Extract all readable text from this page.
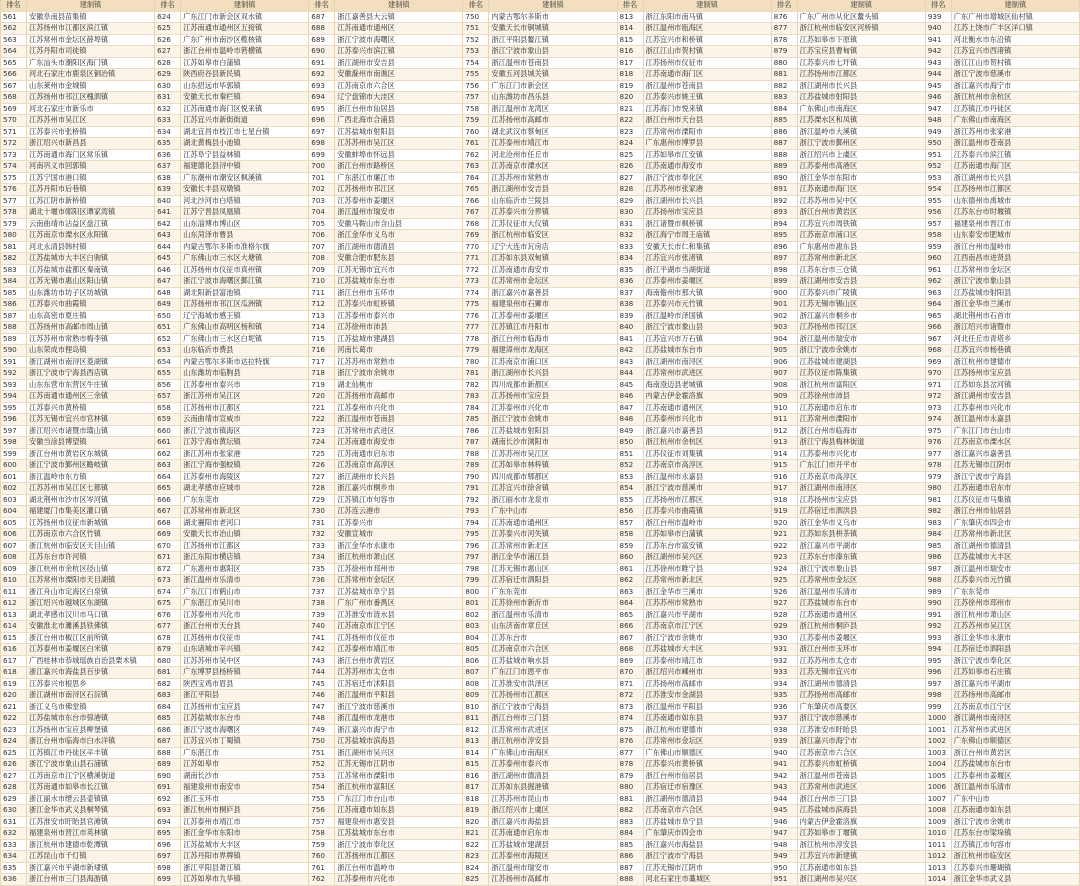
排名	建制镇	排名	建制镇	排名	建制镇	排名	建制镇	排名	建制镇	排名	建制镇	排名	建制镇
561	安徽阜南县苗集镇	624	广东江门市新会区双水镇	687	浙江嘉善县大云镇	750	内蒙古鄂尔多斯市	813	浙江东阳市南马镇	876	广东广州市从化区鳌头镇	939	广东广州市增城区仙村镇
562	江苏扬州市江都区滨江镇	625	江苏南通市通州区五接镇	688	江苏南通市通州区	751	安徽天长市铜城镇	814	浙江温州市瓯海区	877	浙江杭州市临安区河桥镇	940	江苏上饶市广丰区洋口镇
563	江苏常州市金坛区薛埠镇	626	广东广州市南沙区榄核镇	689	浙江宁波市海曙区	752	浙江平阳县鳌江镇	815	江苏宜兴市和桥镇	878	江苏如皋市下原镇	941	河北衡水市东沿镇
564	江苏丹阳市司徒镇	627	浙江台州市温岭市箬横镇	690	江苏泰兴市滨江镇	753	浙江宁波市象山县	816	浙江江山市贺村镇	879	江苏宝应县曹甸镇	942	江苏宜兴市西渚镇
565	广东汕头市潮阳区海门镇	628	江苏如皋市白蒲镇	691	浙江湖州市安吉县	754	浙江温州市苍南县	817	江苏扬州市仪征市	880	江苏泰兴市七圩镇	943	浙江江山市贺村镇
566	河北石家庄市鹿泉区铜冶镇	629	陕西府谷县新民镇	692	安徽滁州市南谯区	755	安徽五河县城关镇	818	江苏南通市海门区	881	江苏扬州市江都区	944	浙江宁波市慈溪市
567	山东莱州市金城镇	630	山东招远市毕郭镇	693	江苏南京市六合区	756	广东江门市新会区	819	浙江温州市苍南县	882	浙江湖州市长兴县	945	浙江嘉兴市海宁市
568	江苏扬州市邗江区槐泗镇	631	安徽天长市秦栏镇	694	辽宁盘锦市大洼区	757	山东潍坊市昌乐县	820	江苏泰兴市姚王镇	883	江苏盐城市射阳县	946	浙江杭州市余杭区
569	河北石家庄市新乐市	632	江苏南通市海门区悦来镇	695	浙江台州市仙居县	758	浙江温州市龙湾区	821	江苏海门市悦来镇	884	广东佛山市南海区	947	江苏镇江市丹徒区
570	江苏苏州市吴江区	633	江苏宜兴市新街街道	696	广西北海市合浦县	759	江苏扬州市高邮市	822	浙江台州市天台县	885	江苏溧水区和凤镇	948	广东佛山市南海区
571	江苏泰兴市张桥镇	634	湖北宜昌市枝江市七星台镇	697	江苏盐城市射阳县	760	湖北武汉市蔡甸区	823	江苏常州市溧阳市	886	浙江温岭市大溪镇	949	浙江苏州市张家港
572	浙江绍兴市新昌县	635	湖北黄梅县小池镇	698	江苏苏州市吴江区	761	江苏泰州市靖江市	824	广东惠州市博罗县	887	浙江宁波市鄞州区	950	浙江温州市苍南县
573	江苏南通市海门区常乐镇	636	江苏阜宁县益林镇	699	安徽蚌埠市怀远县	762	河北沧州市任丘市	825	江苏如皋市江安镇	888	浙江绍兴市上虞区	951	江苏泰兴市滨江镇
574	河南巩义市回郭镇	637	福建德化县浔中镇	700	浙江台州市路桥区	763	江苏南京市溧水区	826	江苏南通市海安市	889	江苏泰州市高港区	952	江苏南通市海门区
575	江苏宁国市港口镇	638	广东潮州市潮安区枫溪镇	701	广东湛江市廉江市	764	江苏苏州市常熟市	827	浙江宁波市奉化区	890	浙江金华市东阳市	953	浙江湖州市长兴县
576	江苏丹阳市后巷镇	639	安徽长丰县双墩镇	702	江苏扬州市邗江区	765	浙江湖州市安吉县	828	江苏苏州市张家港	891	江苏南通市海门区	954	江苏扬州市江都区
577	江苏江阴市新桥镇	640	河北沙河市白塔镇	703	江苏泰州市姜堰区	766	山东临沂市兰陵县	829	浙江湖州市长兴县	892	江苏苏州市吴中区	955	山东德州市禹城市
578	湖北十堰市郧阳区谭家湾镇	641	江苏宁晋县凤凰镇	704	浙江温州市瑞安市	767	江苏泰兴市分界镇	830	江苏扬州市宝应县	893	浙江台州市黄岩区	956	江苏东台市时堰镇
579	云南曲靖市沾益区盘江镇	642	山东淄博市博山区	705	安徽马鞍山市含山县	768	江苏仪征市大仪镇	831	浙江诸暨市枫桥镇	894	江苏宜兴市周铁镇	957	福建泉州市晋江市
580	江苏南京市溧水区永阳镇	643	山东菏泽市曹县	706	浙江金华市义乌市	769	浙江杭州市临安区	832	浙江海宁市周王庙镇	895	江苏南京市浦口区	958	山东泰安市肥城市
581	河北永清县韩村镇	644	内蒙古鄂尔多斯市准格尔旗	707	浙江湖州市德清县	770	辽宁大连市瓦房店	833	安徽天长市仁和集镇	896	广东惠州市惠东县	959	浙江台州市温岭市
582	江苏盐城市大丰区白驹镇	645	广东佛山市三水区大塘镇	708	安徽合肥市肥东县	771	江苏如东县双甸镇	834	江苏宜兴市张渚镇	897	江苏常州市新北区	960	江西南昌市进贤县
583	江苏盐城市盐都区秦南镇	646	江苏扬州市仪征市真州镇	709	江苏无锡市宜兴市	772	江苏南通市海安市	835	浙江平湖市当湖街道	898	江苏东台市三仓镇	961	江苏常州市金坛区
584	江苏无锡市惠山区阳山镇	647	浙江宁波市海曙区鄞江镇	710	江苏盐城市东台市	773	江苏常州市金坛区	836	江苏泰州市姜堰区	899	浙江湖州市安吉县	962	浙江宁波市象山县
585	山东潍坊市坊子区坊城镇	648	湖北阳新县富池镇	711	浙江台州市玉环市	774	浙江嘉兴市嘉善县	837	海南儋州市那大镇	900	江苏泰兴市广陵镇	963	江苏盐城市射阳县
586	江苏泰兴市曲霞镇	649	江苏扬州市邗江区瓜洲镇	712	江苏泰兴市虹桥镇	775	福建泉州市石狮市	838	江苏泰兴市元竹镇	901	江苏无锡市锡山区	964	浙江金华市兰溪市
587	山东高密市夏庄镇	650	辽宁海城市感王镇	713	江苏泰州市泰兴市	776	江苏泰州市姜堰区	839	浙江温岭市泽国镇	902	浙江嘉兴市桐乡市	965	湖北荆州市石首市
588	江苏扬州市高邮市周山镇	651	广东佛山市高明区杨和镇	714	江苏徐州市沛县	777	江苏镇江市丹阳市	840	浙江宁波市象山县	903	江苏扬州市邗江区	966	浙江绍兴市诸暨市
589	江苏苏州市常熟市梅李镇	652	广东佛山市三水区白坭镇	715	江苏盐城市建湖县	778	浙江台州市临海市	841	江苏宜兴市万石镇	904	浙江温州市瑞安市	967	河北任丘市青塔乡
590	山东荣成市俚岛镇	653	山东临沂市费县	716	河南长葛市	779	福建漳州市龙海区	842	江苏盐城市东台市	905	浙江宁波市余姚市	968	江苏宜兴市杨巷镇
591	浙江湖州市南浔区菱湖镇	654	内蒙古鄂尔多斯市达拉特旗	717	江苏苏州市常熟市	780	江苏南京市浦口区	843	浙江湖州市南浔区	906	江苏盐城市建湖县	969	浙江杭州市建德市
592	浙江宁波市宁海县西店镇	655	山东潍坊市临朐县	718	浙江宁波市余姚市	781	浙江湖州市长兴县	844	江苏常州市武进区	907	江苏仪征市陈集镇	970	江苏扬州市宝应县
593	山东东营市东营区牛庄镇	656	江苏泰州市泰兴市	719	湖北仙桃市	782	四川成都市新都区	845	海南澄迈县老城镇	908	浙江杭州市富阳区	971	江苏如东县岔河镇
594	江苏南通市通州区三余镇	657	浙江苏州市吴江区	720	江苏扬州市高邮市	783	江苏扬州市宝应县	846	内蒙古伊金霍洛旗	909	江苏徐州市沛县	972	浙江湖州市安吉县
595	江苏泰兴市黄桥镇	658	江苏扬州市江都区	721	江苏泰州市兴化市	784	江苏泰州市兴化市	847	江苏南通市通州区	910	江苏南通市启东市	973	江苏泰州市兴化市
596	江苏无锡市宜兴市官林镇	659	云南曲靖市宣威市	722	浙江温州市苍南县	785	浙江宁波市余姚市	848	江苏泰州市兴化市	911	江苏常州市溧阳市	974	浙江温州市永嘉县
597	浙江绍兴市诸暨市璜山镇	660	浙江宁波市镇海区	723	江苏常州市武进区	786	江苏盐城市射阳县	849	浙江嘉兴市嘉善县	912	浙江台州市临海市	975	广东江门市台山市
598	安徽当涂县博望镇	661	江苏宁海市黄坛镇	724	江苏南通市海安市	787	湖南长沙市浏阳市	850	浙江杭州市余杭区	913	浙江宁海县梅林街道	976	江苏南京市溧水区
599	浙江台州市黄岩区东城镇	662	浙江苏州市张家港	725	江苏南通市启东市	788	江苏苏州市吴江区	851	江苏仪征市刘集镇	914	江苏泰州市兴化市	977	浙江嘉兴市嘉善县
600	浙江宁波市鄞州区瞻岐镇	663	浙江宁海市强蛟镇	726	江苏南京市高淳区	789	江苏如皋市林梓镇	852	江苏南京市高淳区	915	广东江门市开平市	978	江苏无锡市江阴市
601	浙江温岭市东方镇	664	江苏泰州市海陵区	727	浙江湖州市长兴县	790	四川成都市郫都区	853	浙江温州市永嘉县	916	江苏南京市高淳区	979	浙江宁波市宁海县
602	江苏苏州市吴江区七都镇	665	湖北孝感市应城市	728	浙江嘉兴市桐乡市	791	江苏宜兴市徐舍镇	854	浙江宁波市慈溪市	917	浙江湖州市南浔区	980	江苏南通市启东市
603	湖北荆州市沙市区岑河镇	666	广东东莞市	729	江苏镇江市句容市	792	浙江丽水市龙泉市	855	江苏扬州市江都区	918	江苏扬州市宝应县	981	江苏仪征市马集镇
604	福建厦门市集美区灌口镇	667	江苏常州市新北区	730	江苏连云港市	793	广东中山市	856	江苏泰兴市曲霞镇	919	江苏宿迁市泗洪县	982	浙江台州市仙居县
605	江苏扬州市仪征市新城镇	668	湖北襄阳市老河口	731	江苏泰兴市	794	江苏南通市通州区	857	浙江台州市温岭市	920	浙江金华市义乌市	983	广东肇庆市四会市
606	江苏南京市六合区竹镇	669	安徽天长市冶山镇	732	安徽宣城市	795	江苏泰兴市河失镇	858	江苏如皋市白蒲镇	921	江苏如东县栟茶镇	984	江苏常州市新北区
607	浙江杭州市临安区天目山镇	670	江苏扬州市江都区	733	浙江金华市永康市	796	江苏常州市新北区	859	江苏东台市富安镇	922	浙江嘉兴市平湖市	985	浙江湖州市德清县
608	江苏东台市许河镇	671	浙江东阳市横店镇	734	浙江杭州市萧山区	797	浙江金华市浦江县	860	浙江湖州市吴兴区	923	江苏东台市溱东镇	986	江苏盐城市大丰区
609	浙江杭州市余杭区径山镇	672	广东惠州市惠阳区	735	江苏徐州市邳州市	798	江苏无锡市惠山区	861	江苏徐州市睢宁县	924	浙江宁波市象山县	987	浙江温州市瑞安市
610	江苏常州市溧阳市天目湖镇	673	浙江温州市乐清市	736	江苏常州市金坛区	799	江苏宿迁市泗阳县	862	江苏常州市新北区	925	江苏常州市金坛区	988	江苏泰兴市元竹镇
611	浙江舟山市定海区白泉镇	674	广东江门市鹤山市	737	江苏盐城市阜宁县	800	广东东莞市	863	浙江金华市兰溪市	926	浙江温州市乐清市	989	广东东莞市
612	浙江绍兴市越城区东湖镇	675	广东湛江市吴川市	738	广东广州市番禺区	801	江苏徐州市新沂市	864	江苏苏州市常熟市	927	江苏盐城市东台市	990	江苏徐州市邳州市
613	湖北孝感市汉川市马口镇	676	江苏泰州市兴化市	739	江苏淮安市涟水县	802	浙江温州市乐清市	865	浙江嘉兴市平湖市	928	江苏南通市通州区	991	浙江杭州市萧山区
614	安徽淮北市濉溪县铁佛镇	677	浙江台州市天台县	740	江苏南京市江宁区	803	山东济南市章丘区	866	江苏南京市江宁区	929	浙江杭州市桐庐县	992	江苏苏州市吴江区
615	浙江台州市椒江区前所镇	678	江苏扬州市仪征市	741	江苏扬州市仪征市	804	江苏东台市	867	浙江宁波市余姚市	930	江苏泰州市姜堰区	993	浙江金华市永康市
616	江苏泰州市姜堰区白米镇	679	山东诸城市辛兴镇	742	江苏泰州市靖江市	805	江苏南京市六合区	868	江苏盐城市大丰区	931	浙江台州市玉环市	994	江苏宿迁市泗阳县
617	广西桂林市恭城瑶族自治县栗木镇	680	江苏苏州市吴中区	743	浙江台州市黄岩区	806	江苏盐城市响水县	869	江苏泰州市靖江市	932	江苏苏州市太仓市	995	浙江宁波市奉化区
618	浙江嘉兴市海盐县百步镇	681	广东博罗县杨桥镇	744	江苏苏州市太仓市	807	广东江门市恩平市	870	浙江绍兴市嵊州市	933	江苏无锡市宜兴市	996	江苏如皋市石庄镇
619	江苏泰兴市根思乡	682	陕西宝鸡市眉县	745	江苏宿迁市沭阳县	808	江苏淮安市洪泽区	871	江苏扬州市高邮市	934	浙江湖州市德清县	997	浙江嘉兴市平湖市
620	浙江湖州市南浔区石淙镇	683	浙江平阳县	746	浙江温州市平阳县	809	江苏扬州市江都区	872	江苏淮安市金湖县	935	江苏扬州市高邮市	998	江苏扬州市高邮市
621	浙江义乌市佛堂镇	684	江苏扬州市宝应县	747	浙江宁波市慈溪市	810	浙江宁波市宁海县	873	浙江温州市平阳县	936	广东肇庆市高要区	999	江苏南京市江宁区
622	江苏盐城市东台市弶港镇	685	江苏盐城市东台市	748	浙江温州市龙港市	811	浙江台州市三门县	874	江苏南通市如东县	937	浙江宁波市慈溪市	1000	浙江湖州市南浔区
623	江苏扬州市宝应县柳堡镇	686	浙江宁波市海曙区	749	浙江嘉兴市海宁市	812	江苏常州市武进区	875	浙江杭州市建德市	938	江苏淮安市盱眙县	1001	江苏常州市武进区
624	浙江台州市临海市白水洋镇	687	江苏宜兴市丁蜀镇	750	江苏盐城市滨海县	813	浙江杭州市淳安县	876	江苏常州市金坛区	939	浙江嘉兴市海宁市	1002	广东佛山市顺德区
625	江苏镇江市丹徒区辛丰镇	688	广东湛江市	751	浙江湖州市吴兴区	814	广东佛山市南海区	877	广东佛山市顺德区	940	江苏南京市六合区	1003	浙江台州市黄岩区
626	浙江宁波市象山县石浦镇	689	江苏如皋市	752	江苏无锡市江阴市	815	江苏泰州市泰兴市	878	江苏泰兴市黄桥镇	941	江苏泰兴市虹桥镇	1004	江苏盐城市东台市
627	江苏南京市江宁区横溪街道	690	湖南长沙市	753	江苏常州市溧阳市	816	浙江湖州市德清县	879	浙江台州市仙居县	942	浙江温州市苍南县	1005	江苏泰州市姜堰区
628	江苏南通市如皋市长江镇	691	福建泉州市南安市	754	浙江杭州市富阳区	817	江苏如东县掘港镇	880	江苏宿迁市宿豫区	943	江苏常州市武进区	1006	浙江温州市乐清市
629	浙江丽水市缙云县壶镇镇	692	浙江玉环市	755	广东江门市台山市	818	江苏苏州市昆山市	881	浙江湖州市德清县	944	浙江台州市三门县	1007	广东中山市
630	浙江金华市武义县桐琴镇	693	浙江杭州市桐庐县	756	江苏南通市如东县	819	浙江绍兴市上虞区	882	江苏南京市六合区	945	江苏盐城市滨海县	1008	江苏南通市如东县
631	江苏淮安市盱眙县官滩镇	694	江苏泰州市靖江市	757	福建泉州市惠安县	820	浙江嘉兴市海盐县	883	江苏盐城市阜宁县	946	内蒙古伊金霍洛旗	1009	浙江宁波市余姚市
632	福建泉州市晋江市英林镇	695	浙江金华市东阳市	758	江苏盐城市东台市	821	江苏南通市启东市	884	广东肇庆市四会市	947	江苏如皋市丁堰镇	1010	江苏东台市梁垛镇
633	浙江杭州市建德市乾潭镇	696	江苏盐城市大丰区	759	浙江宁波市奉化区	822	江苏盐城市建湖县	885	浙江嘉兴市海盐县	948	浙江杭州市淳安县	1011	江苏镇江市句容市
634	江苏昆山市千灯镇	697	江苏丹阳市界牌镇	760	江苏扬州市江都区	823	江苏泰州市海陵区	886	浙江宁波市宁海县	949	江苏宜兴市新建镇	1012	浙江杭州市临安区
635	浙江嘉兴市平湖市新埭镇	698	浙江平阳县萧江镇	761	浙江台州市温岭市	824	浙江温州市瑞安市	887	江苏无锡市江阴市	950	江苏南通市如东县	1013	江苏泰兴市珊瑚镇
636	浙江台州市三门县海游镇	699	江苏如皋市九华镇	762	江苏泰州市兴化市	825	江苏扬州市高邮市	888	河北石家庄市藁城区	951	浙江湖州市吴兴区	1014	浙江金华市武义县
